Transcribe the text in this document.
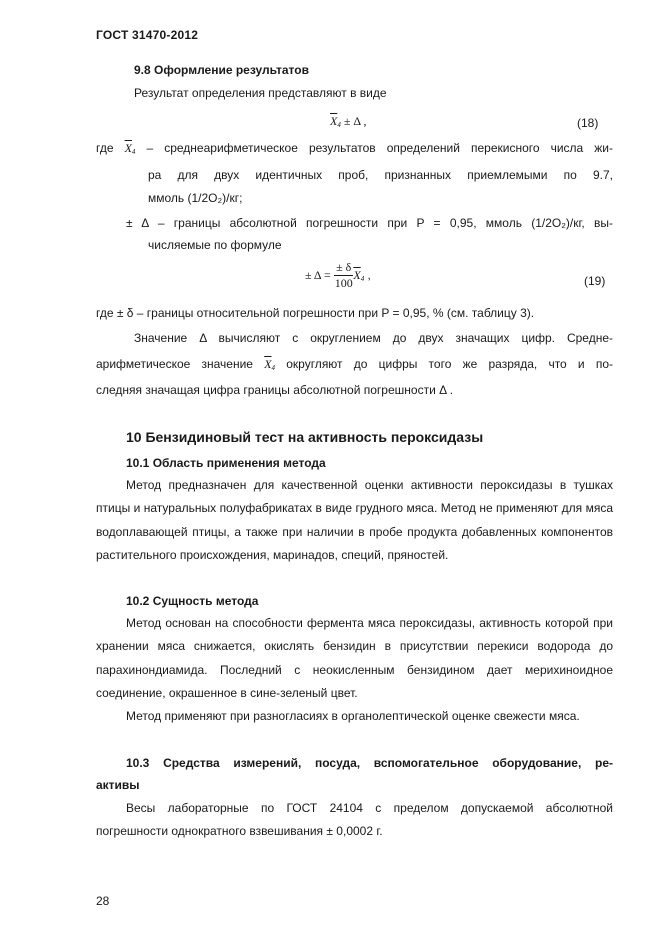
ГОСТ 31470-2012
9.8 Оформление результатов
Результат определения представляют в виде
$\overline{X}_4 \pm \Delta$ ,	(18)
где $\overline{X}_4$ – среднеарифметическое результатов определений перекисного числа жи-
ра для двух идентичных проб, признанных приемлемыми по 9.7,
ммоль (1/2O₂)/кг;
± Δ – границы абсолютной погрешности при P = 0,95, ммоль (1/2O₂)/кг, вы-
числяемые по формуле
± $\Delta = \frac{\pm \delta}{100} \overline{X}_4$ ,	(19)
где ± δ – границы относительной погрешности при P = 0,95, % (см. таблицу 3).
Значение Δ вычисляют с округлением до двух значащих цифр. Средне-
арифметическое значение $\overline{X}_4$ округляют до цифры того же разряда, что и по-
следняя значащая цифра границы абсолютной погрешности Δ .
10 Бензидиновый тест на активность пероксидазы
10.1 Область применения метода
Метод предназначен для качественной оценки активности пероксидазы в тушках птицы и натуральных полуфабрикатах в виде грудного мяса. Метод не применяют для мяса водоплавающей птицы, а также при наличии в пробе продукта добавленных компонентов растительного происхождения, маринадов, специй, пряностей.
10.2 Сущность метода
Метод основан на способности фермента мяса пероксидазы, активность которой при хранении мяса снижается, окислять бензидин в присутствии перекиси водорода до парахинондиамида. Последний с неокисленным бензидином дает мерихиноидное соединение, окрашенное в сине-зеленый цвет.
Метод применяют при разногласиях в органолептической оценке свежести мяса.
10.3 Средства измерений, посуда, вспомогательное оборудование, ре-
активы
Весы лабораторные по ГОСТ 24104 с пределом допускаемой абсолютной погрешности однократного взвешивания ± 0,0002 г.
28
